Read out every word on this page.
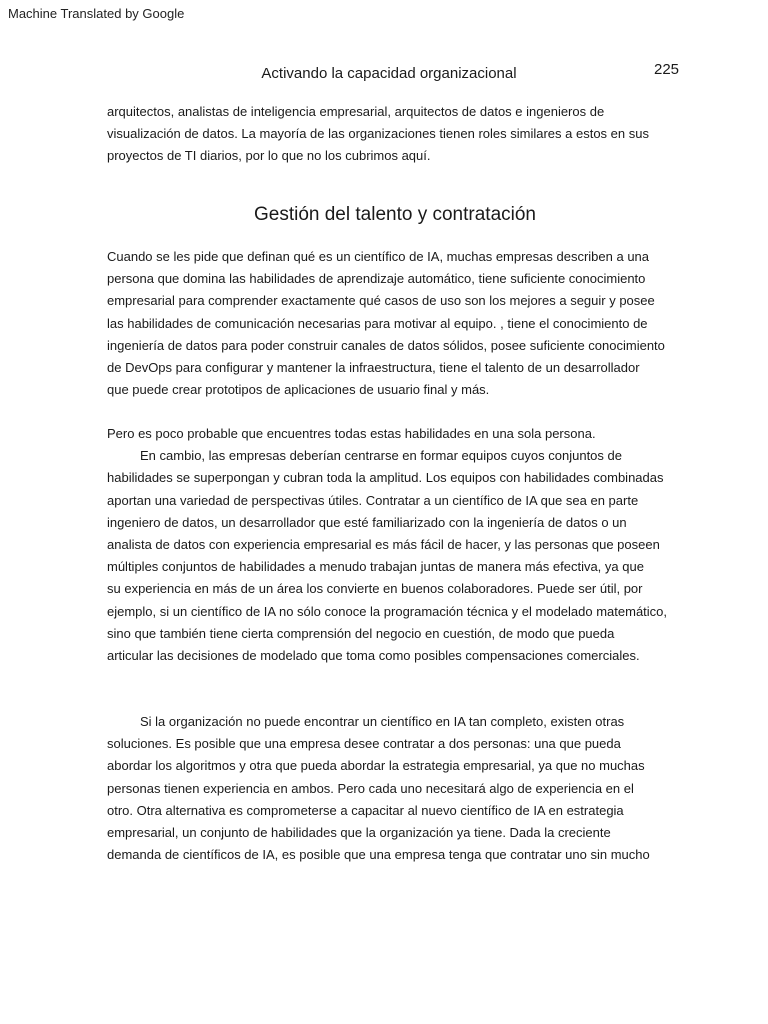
Machine Translated by Google
Activando la capacidad organizacional	225
arquitectos, analistas de inteligencia empresarial, arquitectos de datos e ingenieros de
visualización de datos. La mayoría de las organizaciones tienen roles similares a estos en sus
proyectos de TI diarios, por lo que no los cubrimos aquí.
Gestión del talento y contratación
Cuando se les pide que definan qué es un científico de IA, muchas empresas describen a una
persona que domina las habilidades de aprendizaje automático, tiene suficiente conocimiento
empresarial para comprender exactamente qué casos de uso son los mejores a seguir y posee
las habilidades de comunicación necesarias para motivar al equipo. , tiene el conocimiento de
ingeniería de datos para poder construir canales de datos sólidos, posee suficiente conocimiento
de DevOps para configurar y mantener la infraestructura, tiene el talento de un desarrollador
que puede crear prototipos de aplicaciones de usuario final y más.
Pero es poco probable que encuentres todas estas habilidades en una sola persona.
En cambio, las empresas deberían centrarse en formar equipos cuyos conjuntos de
habilidades se superpongan y cubran toda la amplitud. Los equipos con habilidades combinadas
aportan una variedad de perspectivas útiles. Contratar a un científico de IA que sea en parte
ingeniero de datos, un desarrollador que esté familiarizado con la ingeniería de datos o un
analista de datos con experiencia empresarial es más fácil de hacer, y las personas que poseen
múltiples conjuntos de habilidades a menudo trabajan juntas de manera más efectiva, ya que
su experiencia en más de un área los convierte en buenos colaboradores. Puede ser útil, por
ejemplo, si un científico de IA no sólo conoce la programación técnica y el modelado matemático,
sino que también tiene cierta comprensión del negocio en cuestión, de modo que pueda
articular las decisiones de modelado que toma como posibles compensaciones comerciales.
Si la organización no puede encontrar un científico en IA tan completo, existen otras
soluciones. Es posible que una empresa desee contratar a dos personas: una que pueda
abordar los algoritmos y otra que pueda abordar la estrategia empresarial, ya que no muchas
personas tienen experiencia en ambos. Pero cada uno necesitará algo de experiencia en el
otro. Otra alternativa es comprometerse a capacitar al nuevo científico de IA en estrategia
empresarial, un conjunto de habilidades que la organización ya tiene. Dada la creciente
demanda de científicos de IA, es posible que una empresa tenga que contratar uno sin mucho
